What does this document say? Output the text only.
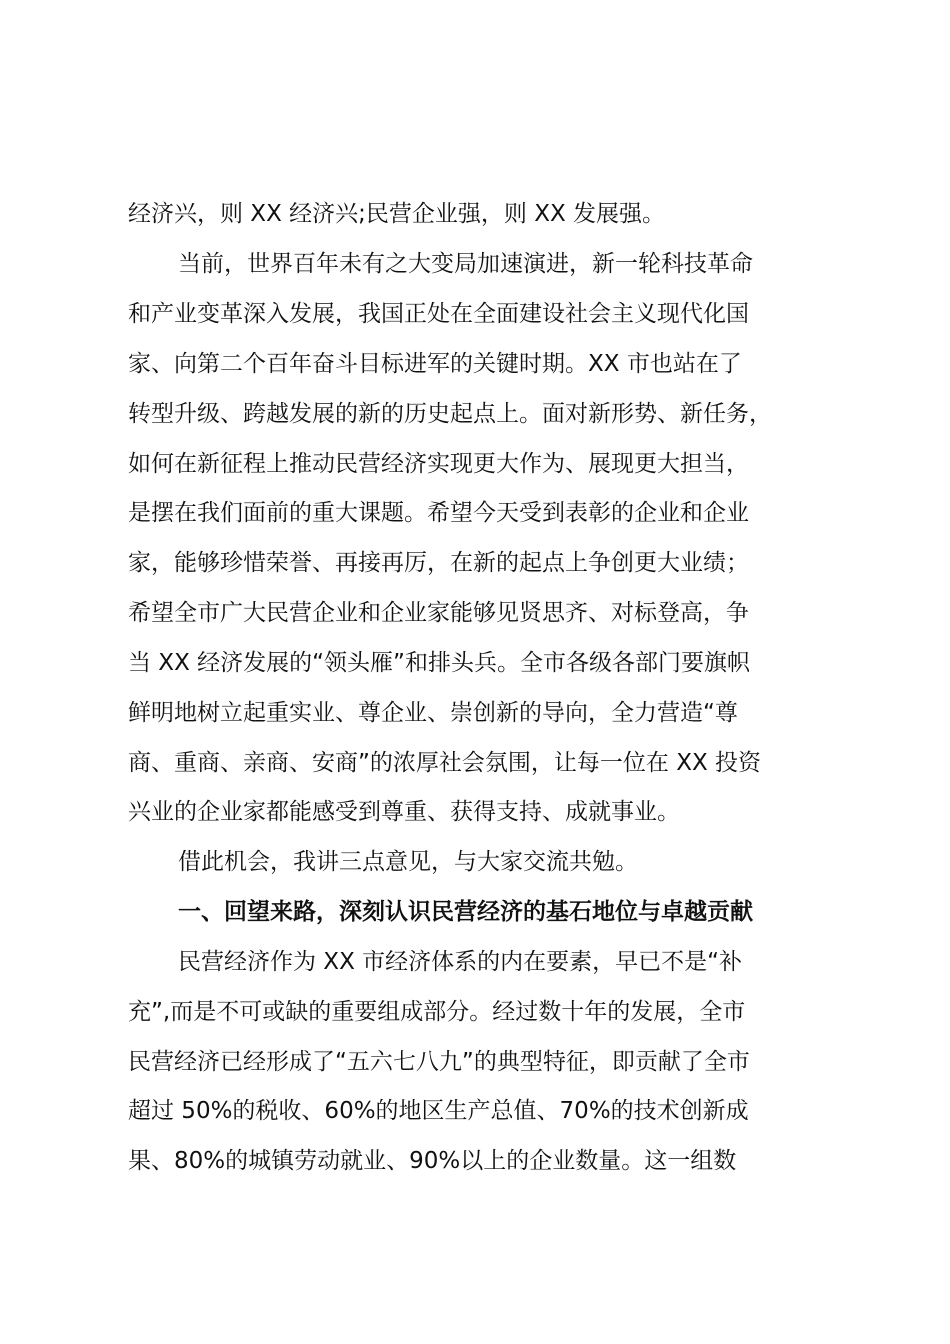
经济兴，则 XX 经济兴;民营企业强，则 XX 发展强。
当前，世界百年未有之大变局加速演进，新一轮科技革命
和产业变革深入发展，我国正处在全面建设社会主义现代化国
家、向第二个百年奋斗目标进军的关键时期。XX 市也站在了
转型升级、跨越发展的新的历史起点上。面对新形势、新任务，
如何在新征程上推动民营经济实现更大作为、展现更大担当，
是摆在我们面前的重大课题。希望今天受到表彰的企业和企业
家，能够珍惜荣誉、再接再厉，在新的起点上争创更大业绩；
希望全市广大民营企业和企业家能够见贤思齐、对标登高，争
当 XX 经济发展的“领头雁”和排头兵。全市各级各部门要旗帜
鲜明地树立起重实业、尊企业、崇创新的导向，全力营造“尊
商、重商、亲商、安商”的浓厚社会氛围，让每一位在 XX 投资
兴业的企业家都能感受到尊重、获得支持、成就事业。
借此机会，我讲三点意见，与大家交流共勉。
一、回望来路，深刻认识民营经济的基石地位与卓越贡献
民营经济作为 XX 市经济体系的内在要素，早已不是“补
充”,而是不可或缺的重要组成部分。经过数十年的发展，全市
民营经济已经形成了“五六七八九”的典型特征，即贡献了全市
超过 50%的税收、60%的地区生产总值、70%的技术创新成
果、80%的城镇劳动就业、90%以上的企业数量。这一组数
